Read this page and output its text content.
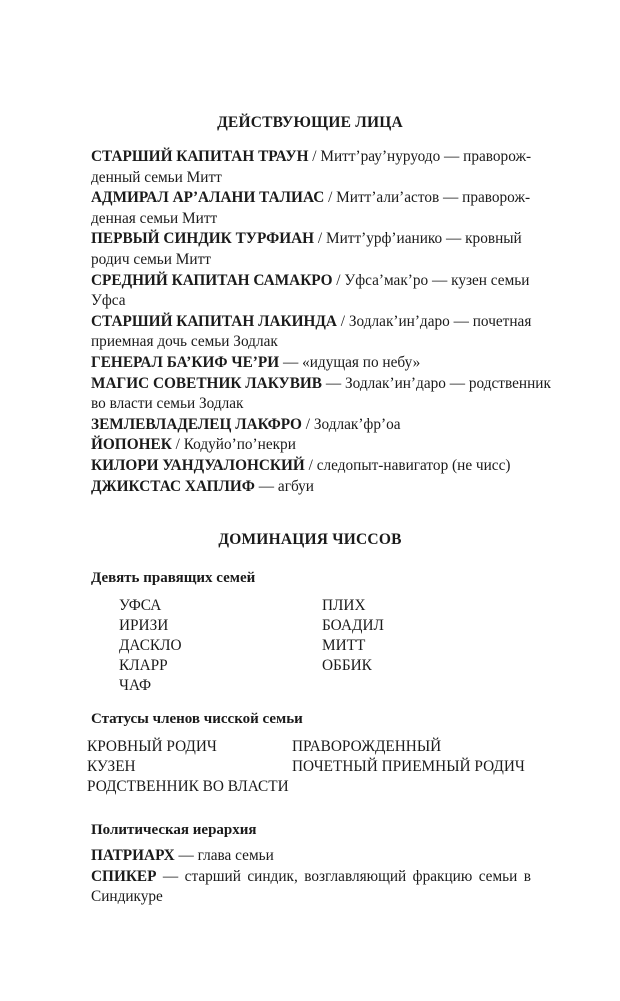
ДЕЙСТВУЮЩИЕ ЛИЦА
СТАРШИЙ КАПИТАН ТРАУН / Митт’рау’нуруодо — праворож-
денный семьи Митт
АДМИРАЛ АР’АЛАНИ ТАЛИАС / Митт’али’астов — праворож-
денная семьи Митт
ПЕРВЫЙ СИНДИК ТУРФИАН / Митт’урф’ианико — кровный
родич семьи Митт
СРЕДНИЙ КАПИТАН САМАКРО / Уфса’мак’ро — кузен семьи
Уфса
СТАРШИЙ КАПИТАН ЛАКИНДА / Зодлак’ин’даро — почетная
приемная дочь семьи Зодлак
ГЕНЕРАЛ БА’КИФ ЧЕ’РИ — «идущая по небу»
МАГИС СОВЕТНИК ЛАКУВИВ — Зодлак’ин’даро — родственник
во власти семьи Зодлак
ЗЕМЛЕВЛАДЕЛЕЦ ЛАКФРО / Зодлак’фр’оа
ЙОПОНЕК / Кодуйо’по’некри
КИЛОРИ УАНДУАЛОНСКИЙ / следопыт-навигатор (не чисс)
ДЖИКСТАС ХАПЛИФ — агбуи
ДОМИНАЦИЯ ЧИССОВ
Девять правящих семей
УФСА
ИРИЗИ
ДАСКЛО
КЛАРР
ЧАФ
ПЛИХ
БОАДИЛ
МИТТ
ОББИК
Статусы членов чисской семьи
КРОВНЫЙ РОДИЧ
КУЗЕН
РОДСТВЕННИК ВО ВЛАСТИ
ПРАВОРОЖДЕННЫЙ
ПОЧЕТНЫЙ ПРИЕМНЫЙ РОДИЧ
Политическая иерархия
ПАТРИАРХ — глава семьи
СПИКЕР — старший синдик, возглавляющий фракцию семьи в
Синдикуре
